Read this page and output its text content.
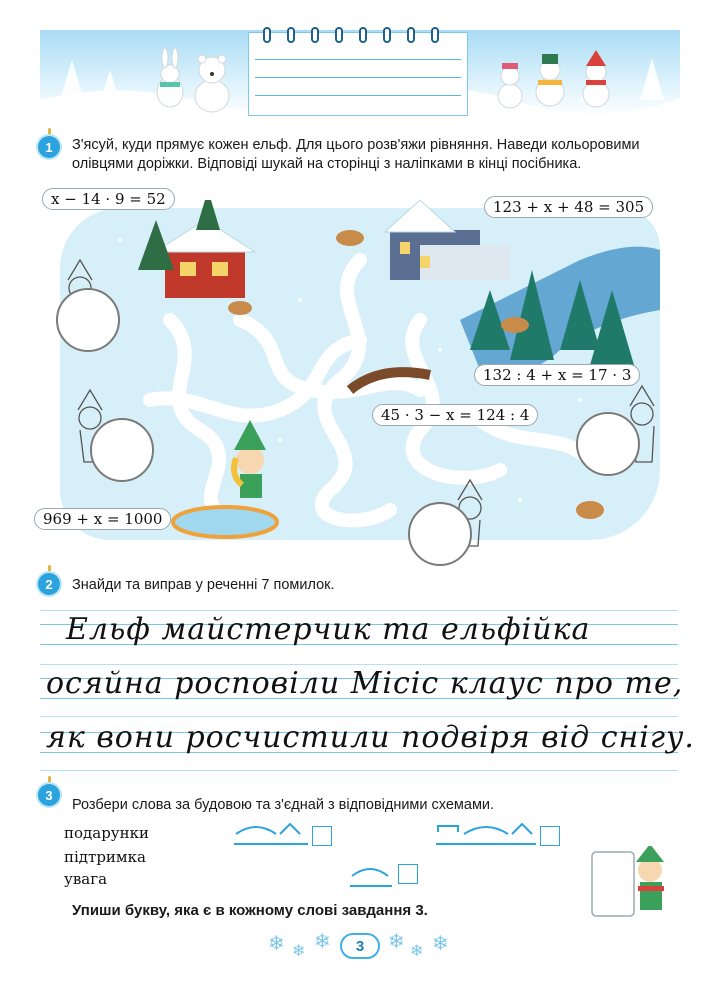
1	З'ясуй, куди прямує кожен ельф. Для цього розв'яжи рівняння. Наведи кольоровими олівцями доріжки. Відповіді шукай на сторінці з наліпками в кінці посібника.
x − 14 · 9 = 52	123 + x + 48 = 305
132 : 4 + x = 17 · 3
45 · 3 − x = 124 : 4
969 + x = 1000
2	Знайди та виправ у реченні 7 помилок.
Ельф майстерчик та ельфійка
осяйна росповіли Місіс клаус про те,
як вони росчистили подвіря від снігу.
3
Розбери слова за будовою та з'єднай з відповідними схемами.
подарунки
підтримка
увага
Упиши букву, яка є в кожному слові завдання 3.
❄ ❄ ❄	3	❄ ❄ ❄
